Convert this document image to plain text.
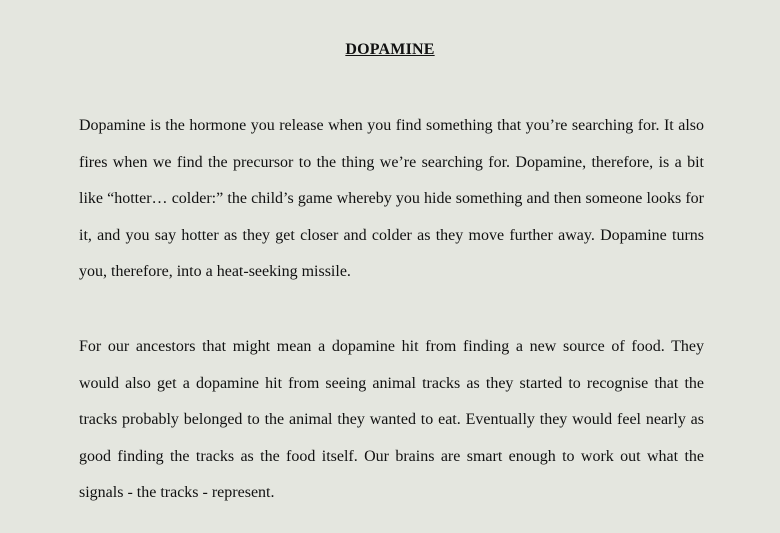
DOPAMINE

Dopamine is the hormone you release when you find something that you’re searching for. It also fires when we find the precursor to the thing we’re searching for. Dopamine, therefore, is a bit like “hotter… colder:” the child’s game whereby you hide something and then someone looks for it, and you say hotter as they get closer and colder as they move further away. Dopamine turns you, therefore, into a heat-seeking missile.

For our ancestors that might mean a dopamine hit from finding a new source of food. They would also get a dopamine hit from seeing animal tracks as they started to recognise that the tracks probably belonged to the animal they wanted to eat. Eventually they would feel nearly as good finding the tracks as the food itself. Our brains are smart enough to work out what the signals - the tracks - represent.
